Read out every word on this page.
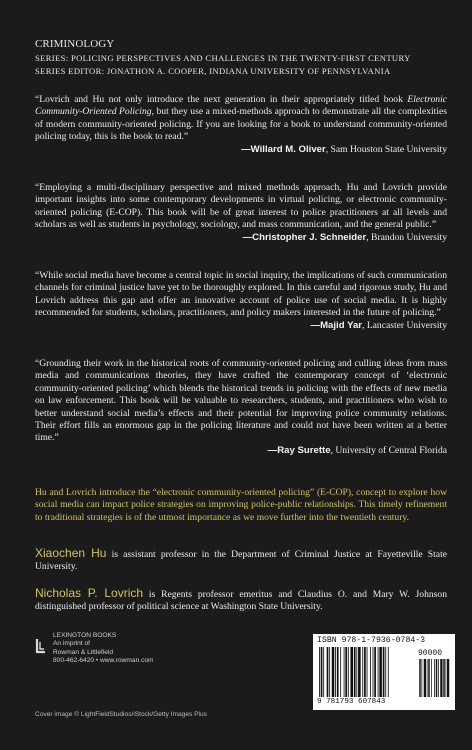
CRIMINOLOGY
SERIES: POLICING PERSPECTIVES AND CHALLENGES IN THE TWENTY-FIRST CENTURY
SERIES EDITOR: JONATHON A. COOPER, INDIANA UNIVERSITY OF PENNSYLVANIA
“Lovrich and Hu not only introduce the next generation in their appropriately titled book Electronic Community-Oriented Policing, but they use a mixed-methods approach to demonstrate all the complexities of modern community-oriented policing. If you are looking for a book to understand community-oriented policing today, this is the book to read.”
—Willard M. Oliver, Sam Houston State University
“Employing a multi-disciplinary perspective and mixed methods approach, Hu and Lovrich provide important insights into some contemporary developments in virtual policing, or electronic community-oriented policing (E-COP). This book will be of great interest to police practitioners at all levels and scholars as well as students in psychology, sociology, and mass communication, and the general public.”
—Christopher J. Schneider, Brandon University
“While social media have become a central topic in social inquiry, the implications of such communication channels for criminal justice have yet to be thoroughly explored. In this careful and rigorous study, Hu and Lovrich address this gap and offer an innovative account of police use of social media. It is highly recommended for students, scholars, practitioners, and policy makers interested in the future of policing.”
—Majid Yar, Lancaster University
“Grounding their work in the historical roots of community-oriented policing and culling ideas from mass media and communications theories, they have crafted the contemporary concept of ‘electronic community-oriented policing’ which blends the historical trends in policing with the effects of new media on law enforcement. This book will be valuable to researchers, students, and practitioners who wish to better understand social media’s effects and their potential for improving police community relations. Their effort fills an enormous gap in the policing literature and could not have been written at a better time.”
—Ray Surette, University of Central Florida
Hu and Lovrich introduce the “electronic community-oriented policing” (E-COP), concept to explore how social media can impact police strategies on improving police-public relationships. This timely refinement to traditional strategies is of the utmost importance as we move further into the twentieth century.
Xiaochen Hu is assistant professor in the Department of Criminal Justice at Fayetteville State University.
Nicholas P. Lovrich is Regents professor emeritus and Claudius O. and Mary W. Johnson distinguished professor of political science at Washington State University.
LEXINGTON BOOKS
An imprint of
Rowman & Littlefield
800-462-6420 • www.rowman.com
Cover image © LightFieldStudios/iStock/Getty Images Plus
ISBN 978-1-7936-0784-3
90000
9 781793 607843
